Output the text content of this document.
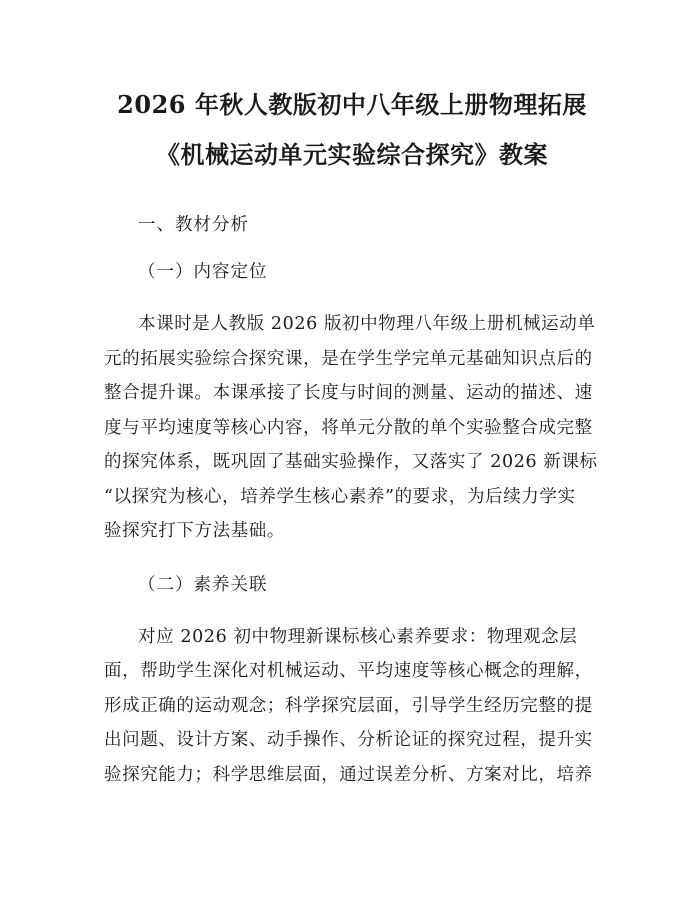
2026 年秋人教版初中八年级上册物理拓展
《机械运动单元实验综合探究》教案
一、教材分析
（一）内容定位
本课时是人教版 2026 版初中物理八年级上册机械运动单
元的拓展实验综合探究课，是在学生学完单元基础知识点后的
整合提升课。本课承接了长度与时间的测量、运动的描述、速
度与平均速度等核心内容，将单元分散的单个实验整合成完整
的探究体系，既巩固了基础实验操作，又落实了 2026 新课标
“以探究为核心，培养学生核心素养”的要求，为后续力学实
验探究打下方法基础。
（二）素养关联
对应 2026 初中物理新课标核心素养要求：物理观念层
面，帮助学生深化对机械运动、平均速度等核心概念的理解，
形成正确的运动观念；科学探究层面，引导学生经历完整的提
出问题、设计方案、动手操作、分析论证的探究过程，提升实
验探究能力；科学思维层面，通过误差分析、方案对比，培养
